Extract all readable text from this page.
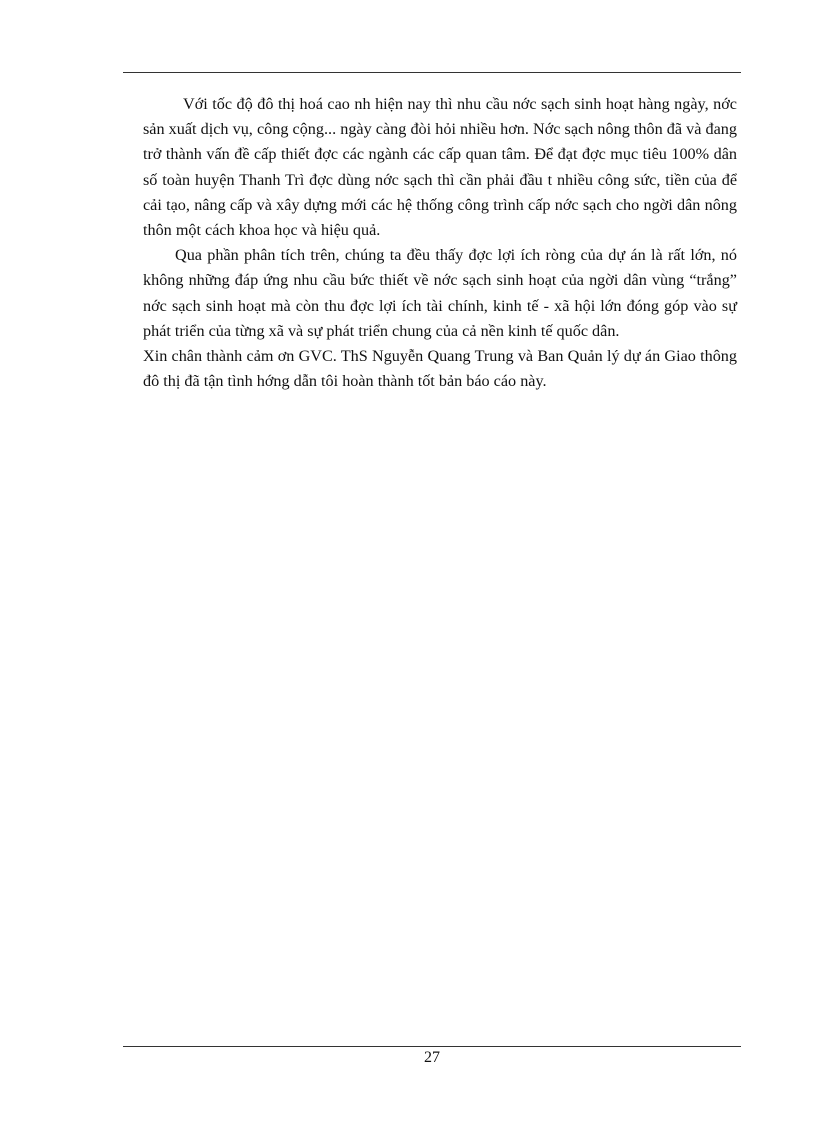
Với tốc độ đô thị hoá cao nh hiện nay thì nhu cầu nớc sạch sinh hoạt hàng ngày, nớc sản xuất dịch vụ, công cộng... ngày càng đòi hỏi nhiều hơn. Nớc sạch nông thôn đã và đang trở thành vấn đề cấp thiết đợc các ngành các cấp quan tâm. Để đạt đợc mục tiêu 100% dân số toàn huyện Thanh Trì đợc dùng nớc sạch thì cần phải đầu t nhiều công sức, tiền của để cải tạo, nâng cấp và xây dựng mới các hệ thống công trình cấp nớc sạch cho ngời dân nông thôn một cách khoa học và hiệu quả.

Qua phần phân tích trên, chúng ta đều thấy đợc lợi ích ròng của dự án là rất lớn, nó không những đáp ứng nhu cầu bức thiết về nớc sạch sinh hoạt của ngời dân vùng “trắng” nớc sạch sinh hoạt mà còn thu đợc lợi ích tài chính, kinh tế - xã hội lớn đóng góp vào sự phát triển của từng xã và sự phát triển chung của cả nền kinh tế quốc dân.

Xin chân thành cảm ơn GVC. ThS Nguyễn Quang Trung và Ban Quản lý dự án Giao thông đô thị đã tận tình hớng dẫn tôi hoàn thành tốt bản báo cáo này.

27
